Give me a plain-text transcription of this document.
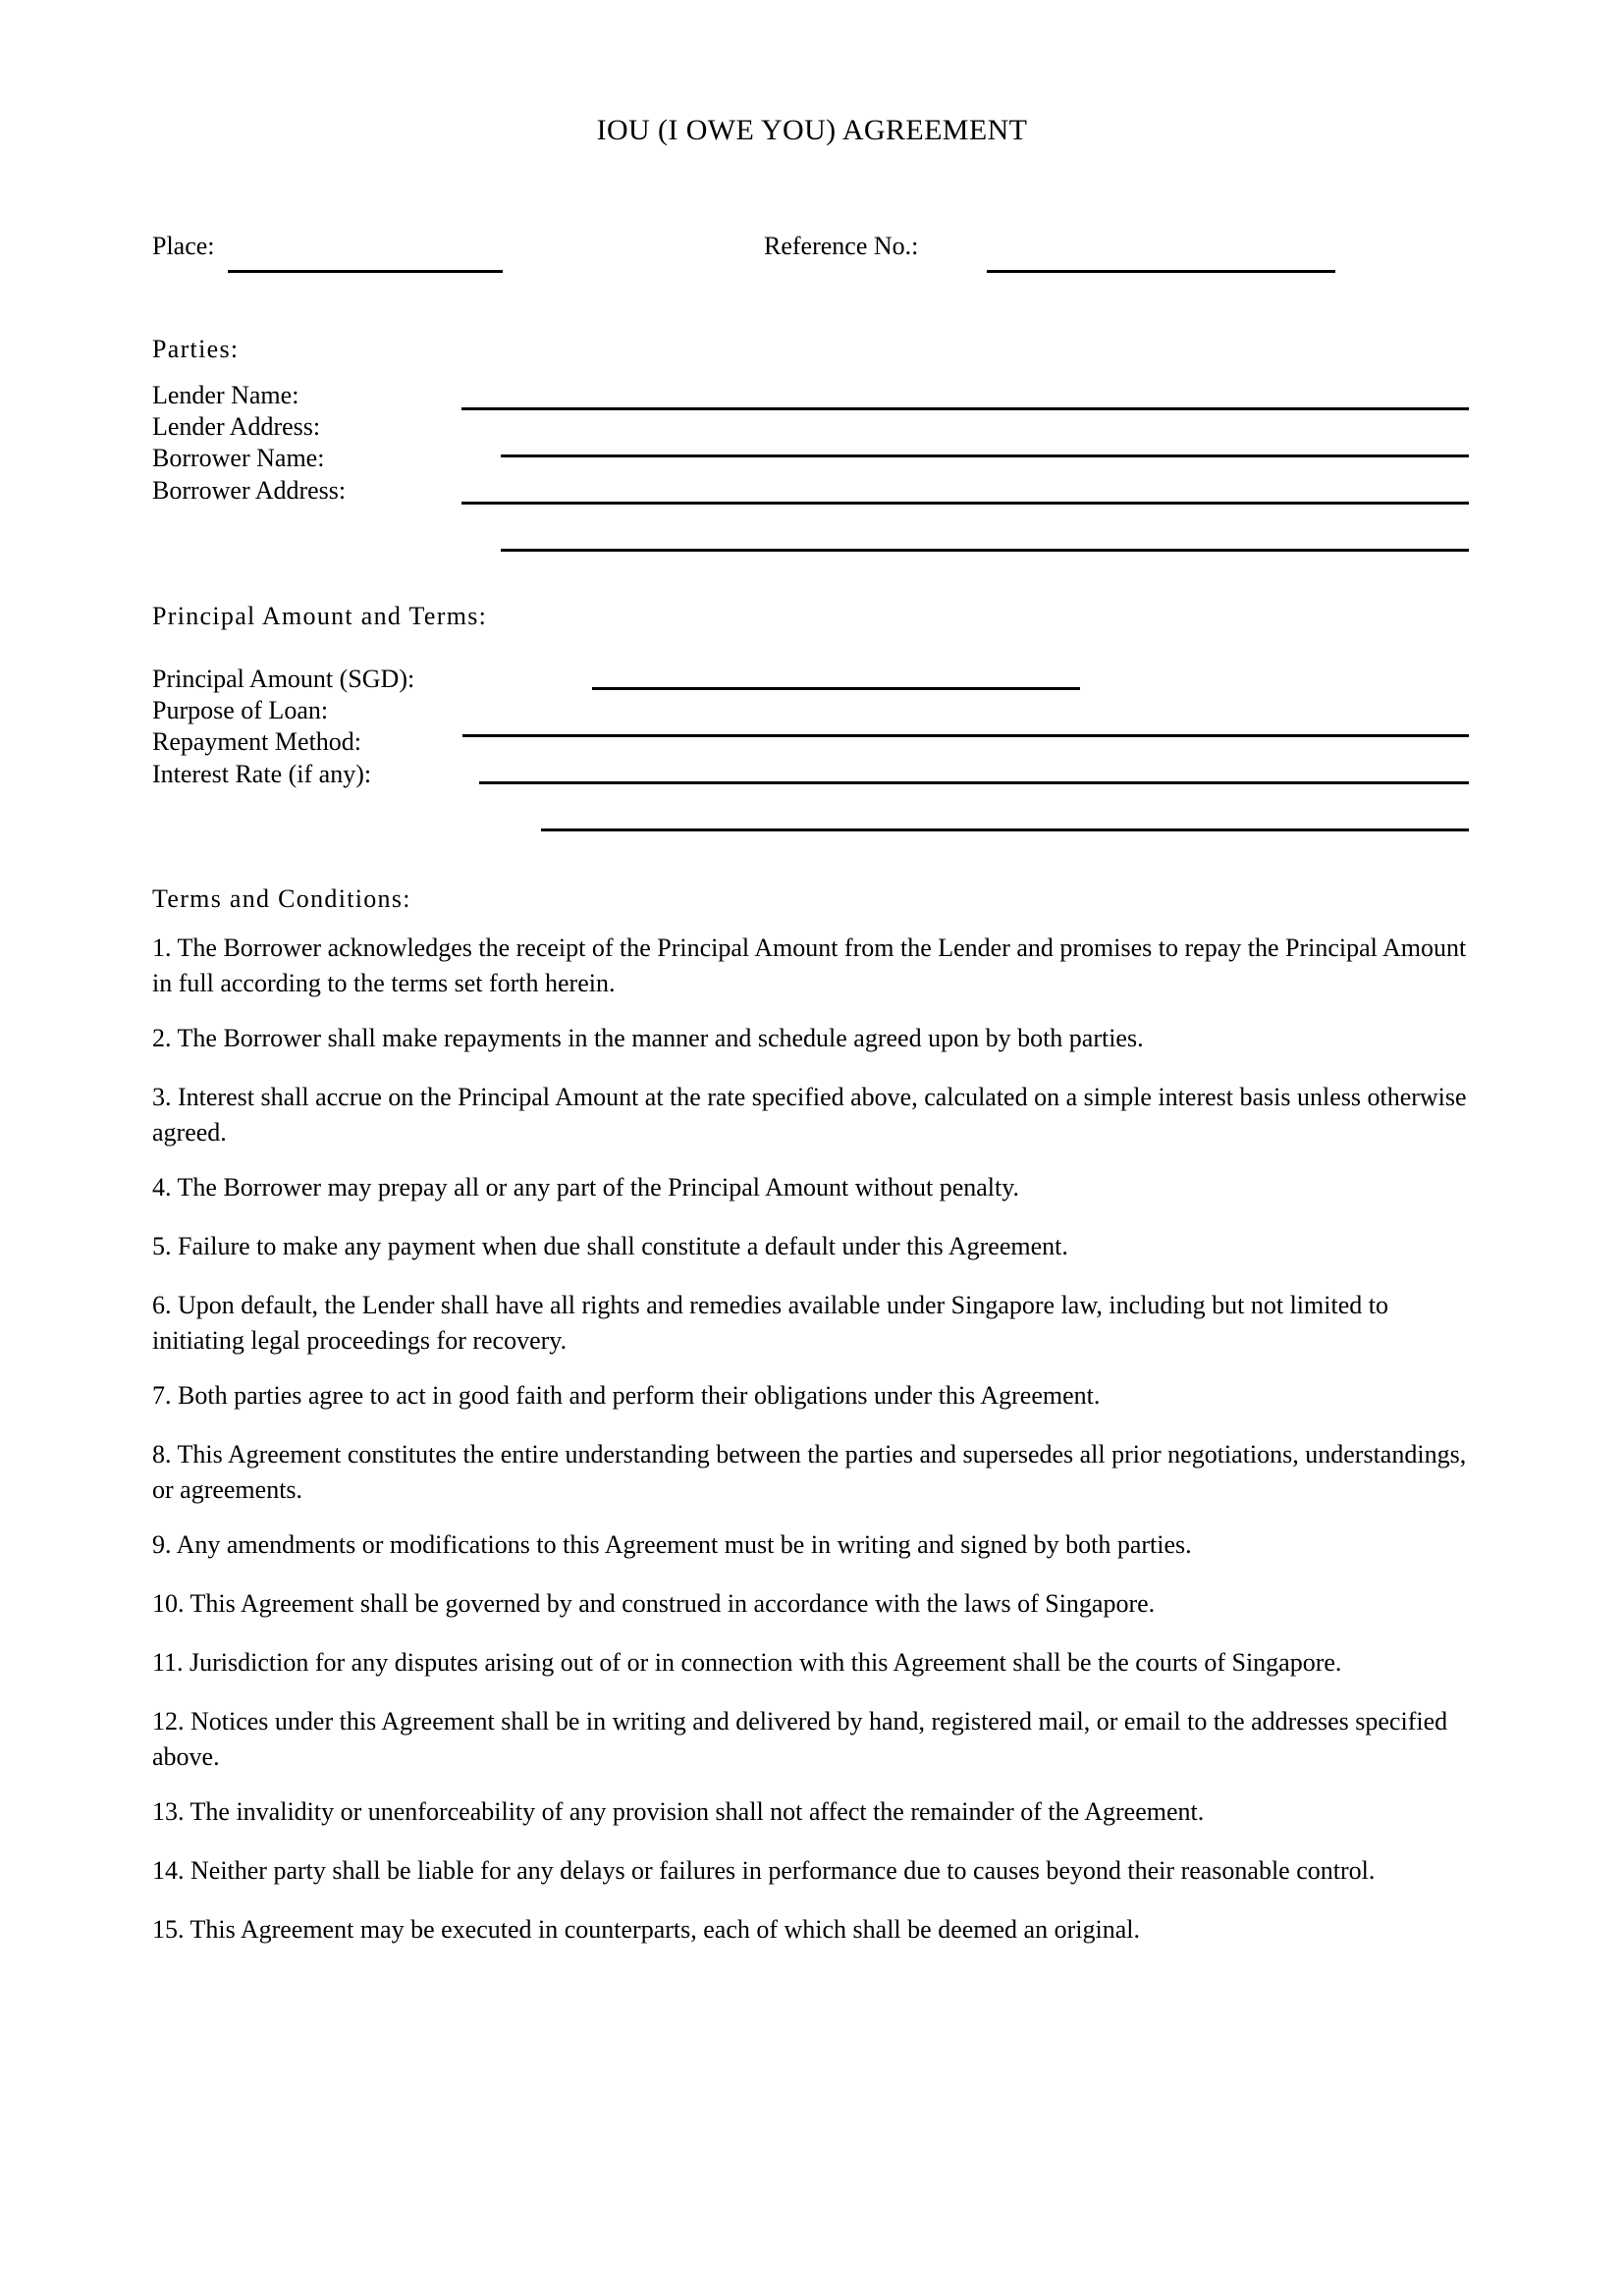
IOU (I OWE YOU) AGREEMENT
Place:	Reference No.:
Parties:
Lender Name:
Lender Address:
Borrower Name:
Borrower Address:
Principal Amount and Terms:
Principal Amount (SGD):
Purpose of Loan:
Repayment Method:
Interest Rate (if any):
Terms and Conditions:
1. The Borrower acknowledges the receipt of the Principal Amount from the Lender and promises to repay the Principal Amount in full according to the terms set forth herein.
2. The Borrower shall make repayments in the manner and schedule agreed upon by both parties.
3. Interest shall accrue on the Principal Amount at the rate specified above, calculated on a simple interest basis unless otherwise agreed.
4. The Borrower may prepay all or any part of the Principal Amount without penalty.
5. Failure to make any payment when due shall constitute a default under this Agreement.
6. Upon default, the Lender shall have all rights and remedies available under Singapore law, including but not limited to initiating legal proceedings for recovery.
7. Both parties agree to act in good faith and perform their obligations under this Agreement.
8. This Agreement constitutes the entire understanding between the parties and supersedes all prior negotiations, understandings, or agreements.
9. Any amendments or modifications to this Agreement must be in writing and signed by both parties.
10. This Agreement shall be governed by and construed in accordance with the laws of Singapore.
11. Jurisdiction for any disputes arising out of or in connection with this Agreement shall be the courts of Singapore.
12. Notices under this Agreement shall be in writing and delivered by hand, registered mail, or email to the addresses specified above.
13. The invalidity or unenforceability of any provision shall not affect the remainder of the Agreement.
14. Neither party shall be liable for any delays or failures in performance due to causes beyond their reasonable control.
15. This Agreement may be executed in counterparts, each of which shall be deemed an original.
